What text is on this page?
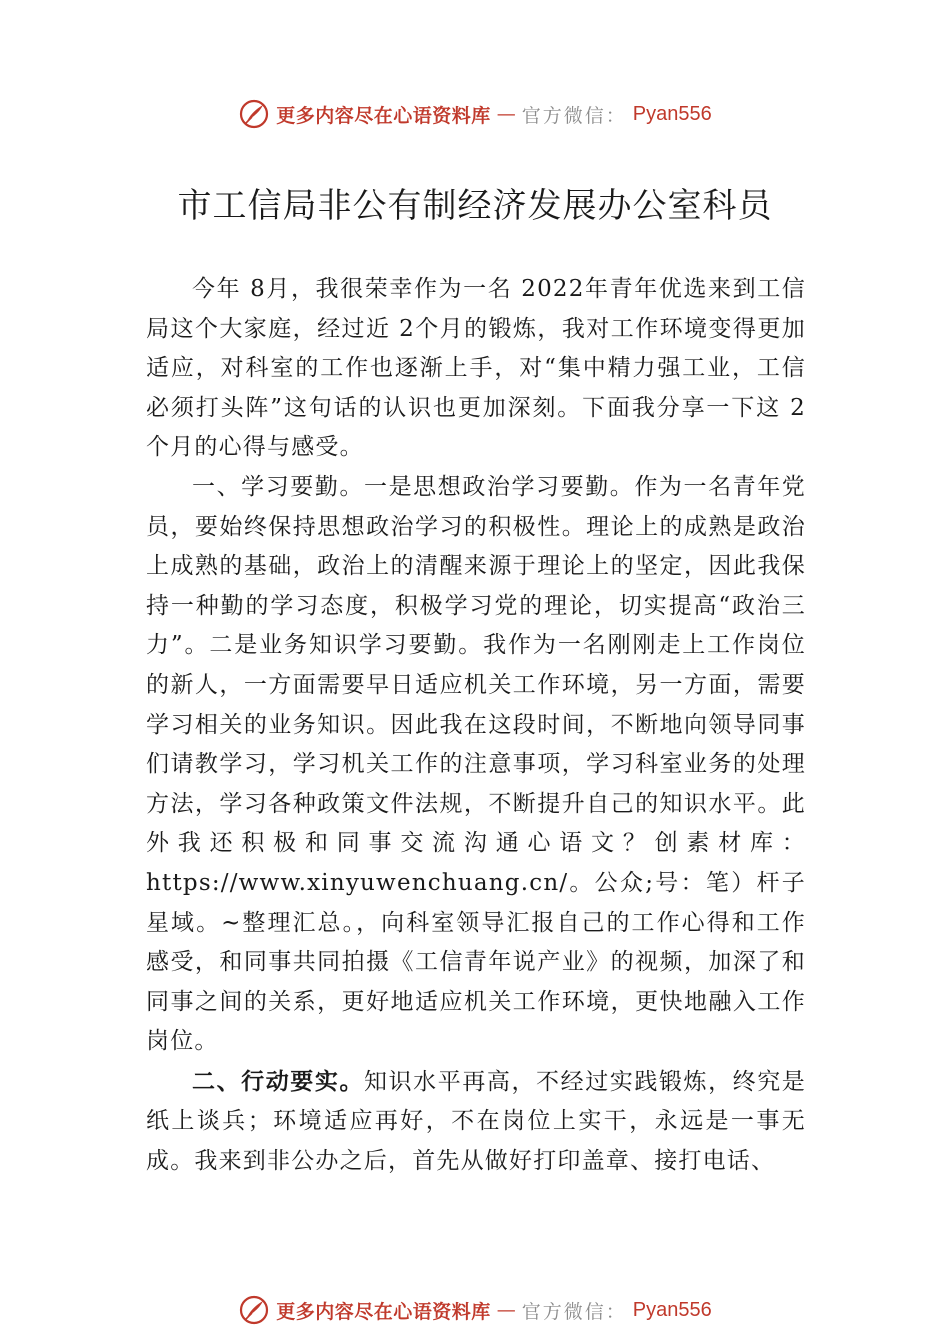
更多内容尽在心语资料库 — 官方微信： Pyan556
市工信局非公有制经济发展办公室科员

今年 8月，我很荣幸作为一名 2022年青年优选来到工信局这个大家庭，经过近 2个月的锻炼，我对工作环境变得更加适应，对科室的工作也逐渐上手，对“集中精力强工业，工信必须打头阵”这句话的认识也更加深刻。下面我分享一下这 2个月的心得与感受。

一、学习要勤。一是思想政治学习要勤。作为一名青年党员，要始终保持思想政治学习的积极性。理论上的成熟是政治上成熟的基础，政治上的清醒来源于理论上的坚定，因此我保持一种勤的学习态度，积极学习党的理论，切实提高“政治三力”。二是业务知识学习要勤。我作为一名刚刚走上工作岗位的新人，一方面需要早日适应机关工作环境，另一方面，需要学习相关的业务知识。因此我在这段时间，不断地向领导同事们请教学习，学习机关工作的注意事项，学习科室业务的处理方法，学习各种政策文件法规，不断提升自己的知识水平。此外我还积极和同事交流沟通心语文？创素材库：https://www.xinyuwenchuang.cn/。公众;号：笔）杆子星域。~整理汇总。，向科室领导汇报自己的工作心得和工作感受，和同事共同拍摄《工信青年说产业》的视频，加深了和同事之间的关系，更好地适应机关工作环境，更快地融入工作岗位。

二、行动要实。知识水平再高，不经过实践锻炼，终究是纸上谈兵；环境适应再好，不在岗位上实干，永远是一事无成。我来到非公办之后，首先从做好打印盖章、接打电话、

更多内容尽在心语资料库 — 官方微信： Pyan556
